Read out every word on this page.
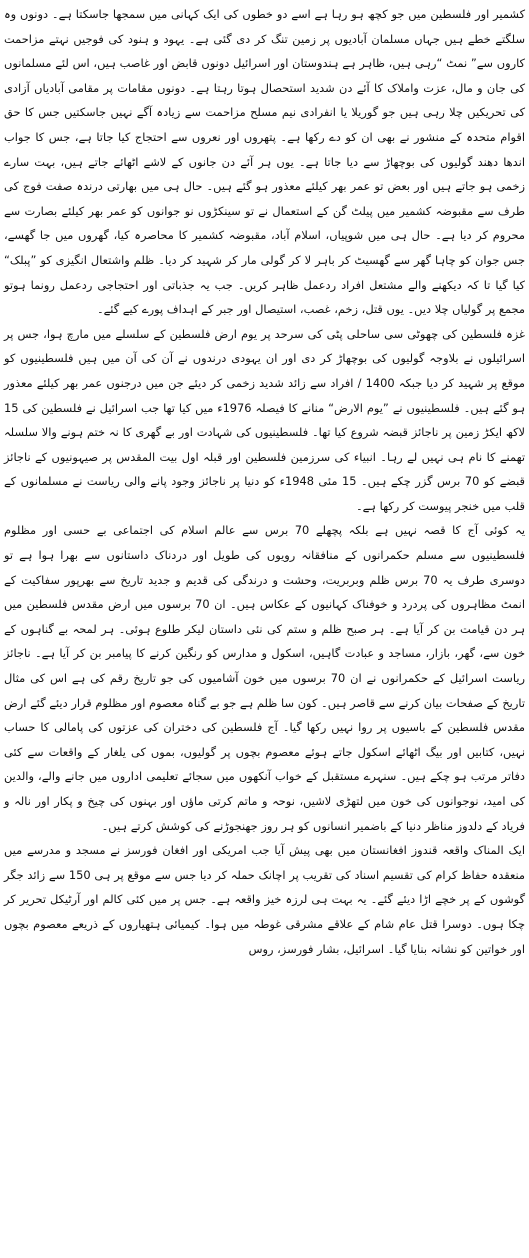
کشمیر اور فلسطین میں جو کچھ ہو رہا ہے اسے دو خطوں کی ایک کہانی میں سمجھا جاسکتا ہے۔ دونوں وہ سلگتے خطے ہیں جہاں مسلمان آبادیوں پر زمین تنگ کر دی گئی ہے۔ یہود و ہنود کی فوجیں نہتے مزاحمت کاروں سے” نمٹ “رہی ہیں، ظاہر ہے ہندوستان اور اسرائیل دونوں قابض اور غاصب ہیں، اس لئے مسلمانوں کی جان و مال، عزت واملاک کا آئے دن شدید استحصال ہوتا رہتا ہے۔ دونوں مقامات پر مقامی آبادیاں آزادی کی تحریکیں چلا رہی ہیں جو گوریلا یا انفرادی نیم مسلح مزاحمت سے زیادہ آگے نہیں جاسکتیں جس کا حق اقوام متحدہ کے منشور نے بھی ان کو دے رکھا ہے۔ پتھروں اور نعروں سے احتجاج کیا جاتا ہے، جس کا جواب اندھا دھند گولیوں کی بوچھاڑ سے دیا جاتا ہے۔ یوں ہر آئے دن جانوں کے لاشے اٹھائے جاتے ہیں، بہت سارے زخمی ہو جاتے ہیں اور بعض تو عمر بھر کیلئے معذور ہو گئے ہیں۔ حال ہی میں بھارتی درندہ صفت فوج کی طرف سے مقبوضہ کشمیر میں پیلٹ گن کے استعمال نے تو سینکڑوں نو جوانوں کو عمر بھر کیلئے بصارت سے محروم کر دیا ہے۔ حال ہی میں شوپیاں، اسلام آباد، مقبوضہ کشمیر کا محاصرہ کیا، گھروں میں جا گھسے، جس جوان کو چاہا گھر سے گھسیٹ کر باہر لا کر گولی مار کر شہید کر دیا۔ ظلم واشتعال انگیزی کو ”پبلک“ کیا گیا تا کہ دیکھنے والے مشتعل افراد ردعمل ظاہر کریں۔ جب یہ جذباتی اور احتجاجی ردعمل رونما ہوتو مجمع پر گولیاں چلا دیں۔ یوں قتل، زخم، غصب، استیصال اور جبر کے اہداف پورے کیے گئے۔

غزہ فلسطین کی چھوٹی سی ساحلی پٹی کی سرحد پر یوم ارض فلسطین کے سلسلے میں مارچ ہوا، جس پر اسرائیلوں نے بلاوجہ گولیوں کی بوچھاڑ کر دی اور ان یہودی درندوں نے آن کی آن میں ہیں فلسطینیوں کو موقع پر شہید کر دیا جبکہ 1400 / افراد سے زائد شدید زخمی کر دیئے جن میں درجنوں عمر بھر کیلئے معذور ہو گئے ہیں۔ فلسطینیوں نے ”یوم الارض“ منانے کا فیصلہ 1976ء میں کیا تھا جب اسرائیل نے فلسطین کی 15 لاکھ ایکڑ زمین پر ناجائز قبضہ شروع کیا تھا۔ فلسطینیوں کی شہادت اور بے گھری کا نہ ختم ہونے والا سلسلہ تھمنے کا نام ہی نہیں لے رہا۔ انبیاء کی سرزمین فلسطین اور قبلہ اول بیت المقدس پر صیہونیوں کے ناجائز قبضے کو 70 برس گزر چکے ہیں۔ 15 مئی 1948ء کو دنیا پر ناجائز وجود پانے والی ریاست نے مسلمانوں کے قلب میں خنجر پیوست کر رکھا ہے۔

یہ کوئی آج کا قصہ نہیں ہے بلکہ پچھلے 70 برس سے عالم اسلام کی اجتماعی بے حسی اور مظلوم فلسطینیوں سے مسلم حکمرانوں کے منافقانہ رویوں کی طویل اور دردناک داستانوں سے بھرا ہوا ہے تو دوسری طرف یہ 70 برس ظلم وبربریت، وحشت و درندگی کی قدیم و جدید تاریخ سے بھرپور سفاکیت کے انمٹ مظاہروں کی پردرد و خوفناک کہانیوں کے عکاس ہیں۔ ان 70 برسوں میں ارض مقدس فلسطین میں ہر دن قیامت بن کر آیا ہے۔ ہر صبح ظلم و ستم کی نئی داستان لیکر طلوع ہوئی۔ ہر لمحہ بے گناہوں کے خون سے، گھر، بازار، مساجد و عبادت گاہیں، اسکول و مدارس کو رنگین کرنے کا پیامبر بن کر آیا ہے۔ ناجائز ریاست اسرائیل کے حکمرانوں نے ان 70 برسوں میں خون آشامیوں کی جو تاریخ رقم کی ہے اس کی مثال تاریخ کے صفحات بیان کرنے سے قاصر ہیں۔ کون سا ظلم ہے جو بے گناہ معصوم اور مظلوم قرار دیئے گئے ارض مقدس فلسطین کے باسیوں پر روا نہیں رکھا گیا۔ آج فلسطین کی دختران کی عزتوں کی پامالی کا حساب نہیں، کتابیں اور بیگ اٹھائے اسکول جاتے ہوئے معصوم بچوں پر گولیوں، بموں کی یلغار کے واقعات سے کئی دفاتر مرتب ہو چکے ہیں۔ سنہرے مستقبل کے خواب آنکھوں میں سجائے تعلیمی اداروں میں جانے والے، والدین کی امید، نوجوانوں کی خون میں لتھڑی لاشیں، نوحہ و ماتم کرتی ماؤں اور بہنوں کی چیخ و پکار اور نالہ و فریاد کے دلدوز مناظر دنیا کے باضمیر انسانوں کو ہر روز جھنجوڑنے کی کوشش کرتے ہیں۔

ایک المناک واقعہ قندوز افغانستان میں بھی پیش آیا جب امریکی اور افغان فورسز نے مسجد و مدرسے میں منعقدہ حفاظ کرام کی تقسیم اسناد کی تقریب پر اچانک حملہ کر دیا جس سے موقع پر ہی 150 سے زائد جگر گوشوں کے پر خچے اڑا دیئے گئے۔ یہ بہت ہی لرزہ خیز واقعہ ہے۔ جس پر میں کئی کالم اور آرٹیکل تحریر کر چکا ہوں۔ دوسرا قتل عام شام کے علاقے مشرقی غوطہ میں ہوا۔ کیمیائی ہتھیاروں کے ذریعے معصوم بچوں اور خواتین کو نشانہ بنایا گیا۔ اسرائیل، بشار فورسز، روس
